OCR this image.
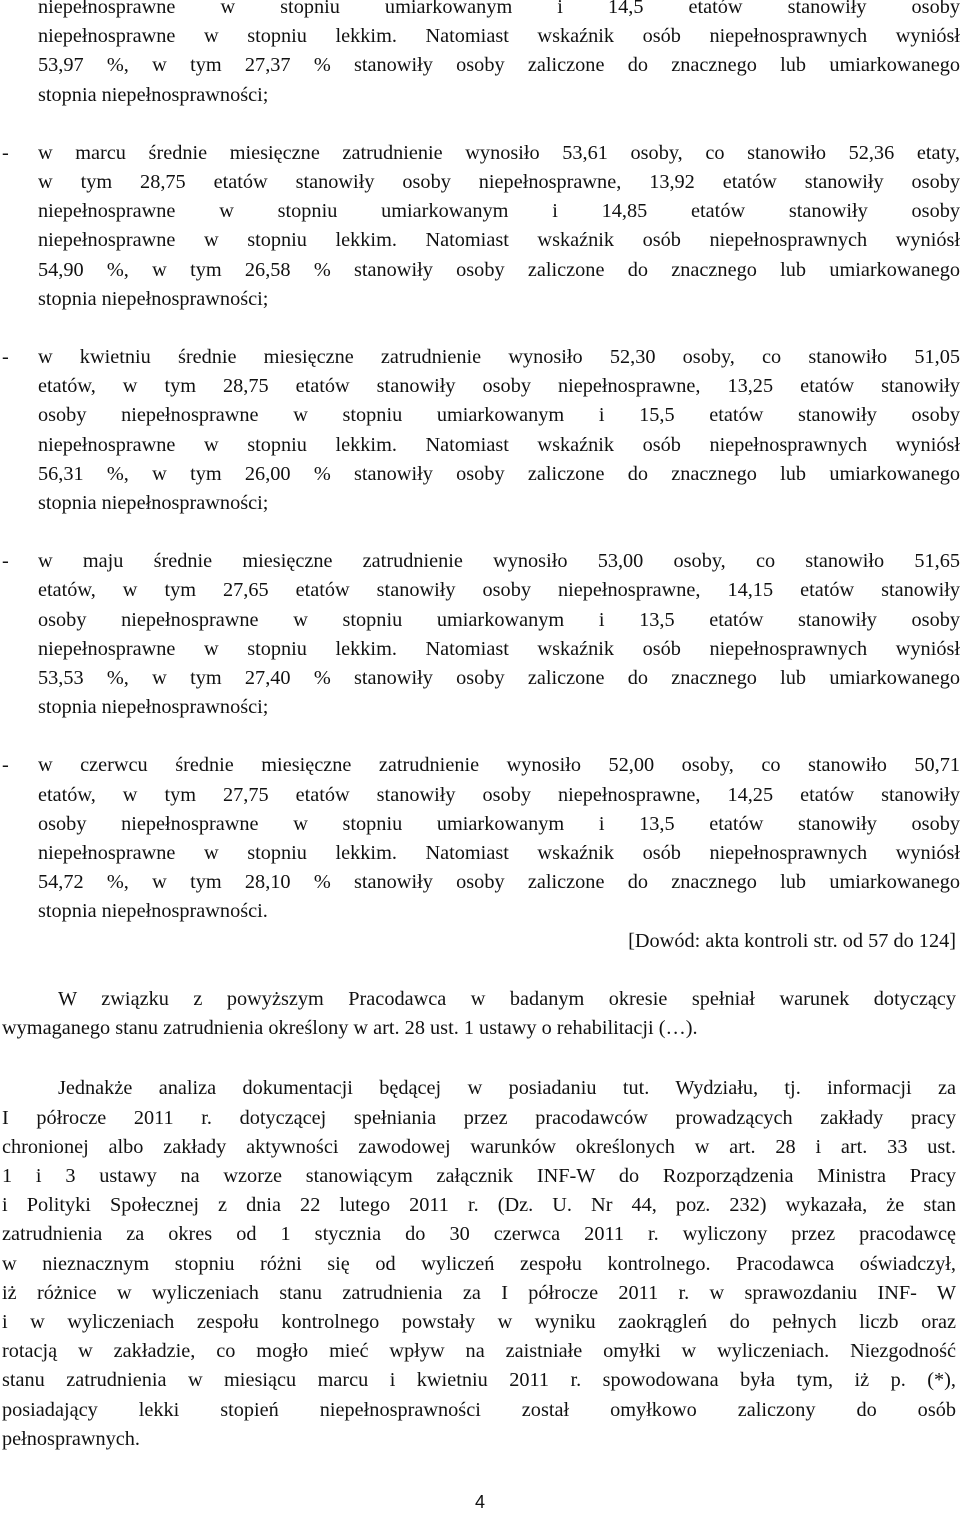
niepełnosprawne w stopniu umiarkowanym i 14,5 etatów stanowiły osoby
niepełnosprawne w stopniu lekkim. Natomiast wskaźnik osób niepełnosprawnych wyniósł
53,97 %, w tym 27,37 % stanowiły osoby zaliczone do znacznego lub umiarkowanego
stopnia niepełnosprawności;
- w marcu średnie miesięczne zatrudnienie wynosiło 53,61 osoby, co stanowiło 52,36 etaty,
w tym 28,75 etatów stanowiły osoby niepełnosprawne, 13,92 etatów stanowiły osoby
niepełnosprawne w stopniu umiarkowanym i 14,85 etatów stanowiły osoby
niepełnosprawne w stopniu lekkim. Natomiast wskaźnik osób niepełnosprawnych wyniósł
54,90 %, w tym 26,58 % stanowiły osoby zaliczone do znacznego lub umiarkowanego
stopnia niepełnosprawności;
- w kwietniu średnie miesięczne zatrudnienie wynosiło 52,30 osoby, co stanowiło 51,05
etatów, w tym 28,75 etatów stanowiły osoby niepełnosprawne, 13,25 etatów stanowiły
osoby niepełnosprawne w stopniu umiarkowanym i 15,5 etatów stanowiły osoby
niepełnosprawne w stopniu lekkim. Natomiast wskaźnik osób niepełnosprawnych wyniósł
56,31 %, w tym 26,00 % stanowiły osoby zaliczone do znacznego lub umiarkowanego
stopnia niepełnosprawności;
- w maju średnie miesięczne zatrudnienie wynosiło 53,00 osoby, co stanowiło 51,65
etatów, w tym 27,65 etatów stanowiły osoby niepełnosprawne, 14,15 etatów stanowiły
osoby niepełnosprawne w stopniu umiarkowanym i 13,5 etatów stanowiły osoby
niepełnosprawne w stopniu lekkim. Natomiast wskaźnik osób niepełnosprawnych wyniósł
53,53 %, w tym 27,40 % stanowiły osoby zaliczone do znacznego lub umiarkowanego
stopnia niepełnosprawności;
- w czerwcu średnie miesięczne zatrudnienie wynosiło 52,00 osoby, co stanowiło 50,71
etatów, w tym 27,75 etatów stanowiły osoby niepełnosprawne, 14,25 etatów stanowiły
osoby niepełnosprawne w stopniu umiarkowanym i 13,5 etatów stanowiły osoby
niepełnosprawne w stopniu lekkim. Natomiast wskaźnik osób niepełnosprawnych wyniósł
54,72 %, w tym 28,10 % stanowiły osoby zaliczone do znacznego lub umiarkowanego
stopnia niepełnosprawności.

[Dowód: akta kontroli str. od 57 do 124]

W związku z powyższym Pracodawca w badanym okresie spełniał warunek dotyczący
wymaganego stanu zatrudnienia określony w art. 28 ust. 1 ustawy o rehabilitacji (…).
Jednakże analiza dokumentacji będącej w posiadaniu tut. Wydziału, tj. informacji za
I półrocze 2011 r. dotyczącej spełniania przez pracodawców prowadzących zakłady pracy
chronionej albo zakłady aktywności zawodowej warunków określonych w art. 28 i art. 33 ust.
1 i 3 ustawy na wzorze stanowiącym załącznik INF-W do Rozporządzenia Ministra Pracy
i Polityki Społecznej z dnia 22 lutego 2011 r. (Dz. U. Nr 44, poz. 232) wykazała, że stan
zatrudnienia za okres od 1 stycznia do 30 czerwca 2011 r. wyliczony przez pracodawcę
w nieznacznym stopniu różni się od wyliczeń zespołu kontrolnego. Pracodawca oświadczył,
iż różnice w wyliczeniach stanu zatrudnienia za I półrocze 2011 r. w sprawozdaniu INF- W
i w wyliczeniach zespołu kontrolnego powstały w wyniku zaokrągleń do pełnych liczb oraz
rotacją w zakładzie, co mogło mieć wpływ na zaistniałe omyłki w wyliczeniach. Niezgodność
stanu zatrudnienia w miesiącu marcu i kwietniu 2011 r. spowodowana była tym, iż p. (*),
posiadający lekki stopień niepełnosprawności został omyłkowo zaliczony do osób
pełnosprawnych.
4
